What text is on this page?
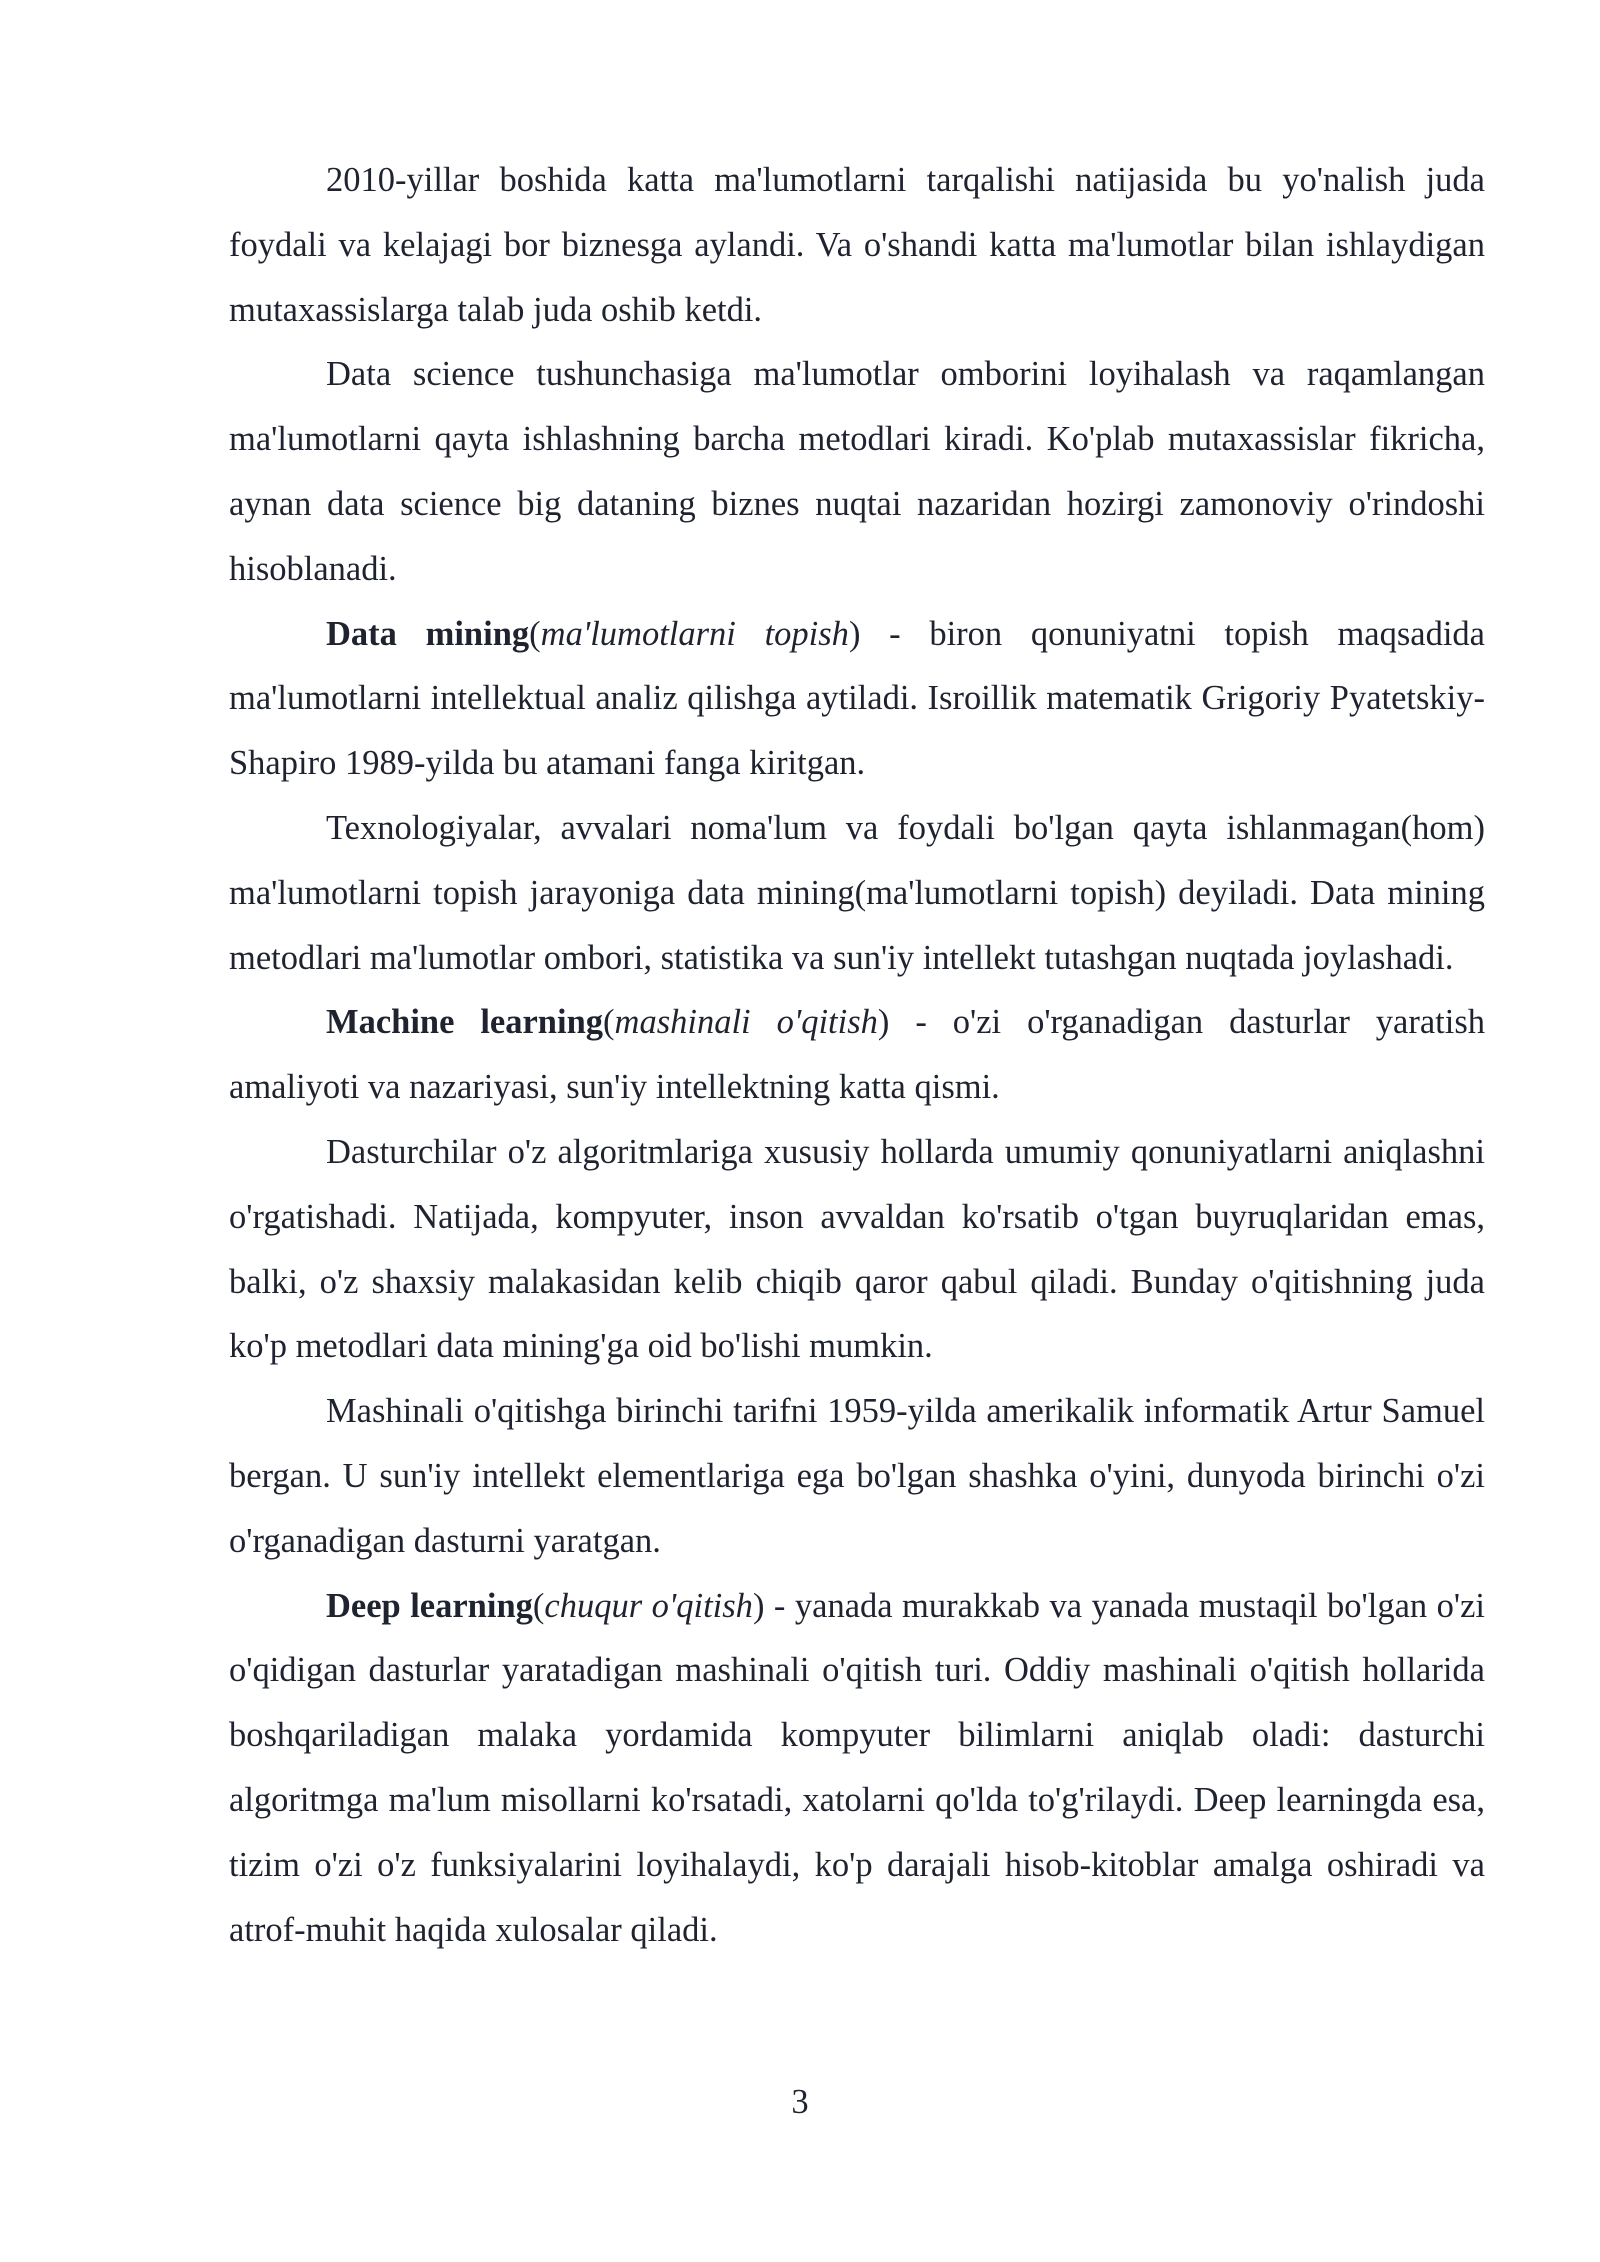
2010-yillar boshida katta ma'lumotlarni tarqalishi natijasida bu yo'nalish juda foydali va kelajagi bor biznesga aylandi. Va o'shandi katta ma'lumotlar bilan ishlaydigan mutaxassislarga talab juda oshib ketdi.

Data science tushunchasiga ma'lumotlar omborini loyihalash va raqamlangan ma'lumotlarni qayta ishlashning barcha metodlari kiradi. Ko'plab mutaxassislar fikricha, aynan data science big dataning biznes nuqtai nazaridan hozirgi zamonoviy o'rindoshi hisoblanadi.

Data mining(ma'lumotlarni topish) - biron qonuniyatni topish maqsadida ma'lumotlarni intellektual analiz qilishga aytiladi. Isroillik matematik Grigoriy Pyatetskiy-Shapiro 1989-yilda bu atamani fanga kiritgan.

Texnologiyalar, avvalari noma'lum va foydali bo'lgan qayta ishlanmagan(hom) ma'lumotlarni topish jarayoniga data mining(ma'lumotlarni topish) deyiladi. Data mining metodlari ma'lumotlar ombori, statistika va sun'iy intellekt tutashgan nuqtada joylashadi.

Machine learning(mashinali o'qitish) - o'zi o'rganadigan dasturlar yaratish amaliyoti va nazariyasi, sun'iy intellektning katta qismi.

Dasturchilar o'z algoritmlariga xususiy hollarda umumiy qonuniyatlarni aniqlashni o'rgatishadi. Natijada, kompyuter, inson avvaldan ko'rsatib o'tgan buyruqlaridan emas, balki, o'z shaxsiy malakasidan kelib chiqib qaror qabul qiladi. Bunday o'qitishning juda ko'p metodlari data mining'ga oid bo'lishi mumkin.

Mashinali o'qitishga birinchi tarifni 1959-yilda amerikalik informatik Artur Samuel bergan. U sun'iy intellekt elementlariga ega bo'lgan shashka o'yini, dunyoda birinchi o'zi o'rganadigan dasturni yaratgan.

Deep learning(chuqur o'qitish) - yanada murakkab va yanada mustaqil bo'lgan o'zi o'qidigan dasturlar yaratadigan mashinali o'qitish turi. Oddiy mashinali o'qitish hollarida boshqariladigan malaka yordamida kompyuter bilimlarni aniqlab oladi: dasturchi algoritmga ma'lum misollarni ko'rsatadi, xatolarni qo'lda to'g'rilaydi. Deep learningda esa, tizim o'zi o'z funksiyalarini loyihalaydi, ko'p darajali hisob-kitoblar amalga oshiradi va atrof-muhit haqida xulosalar qiladi.

3
